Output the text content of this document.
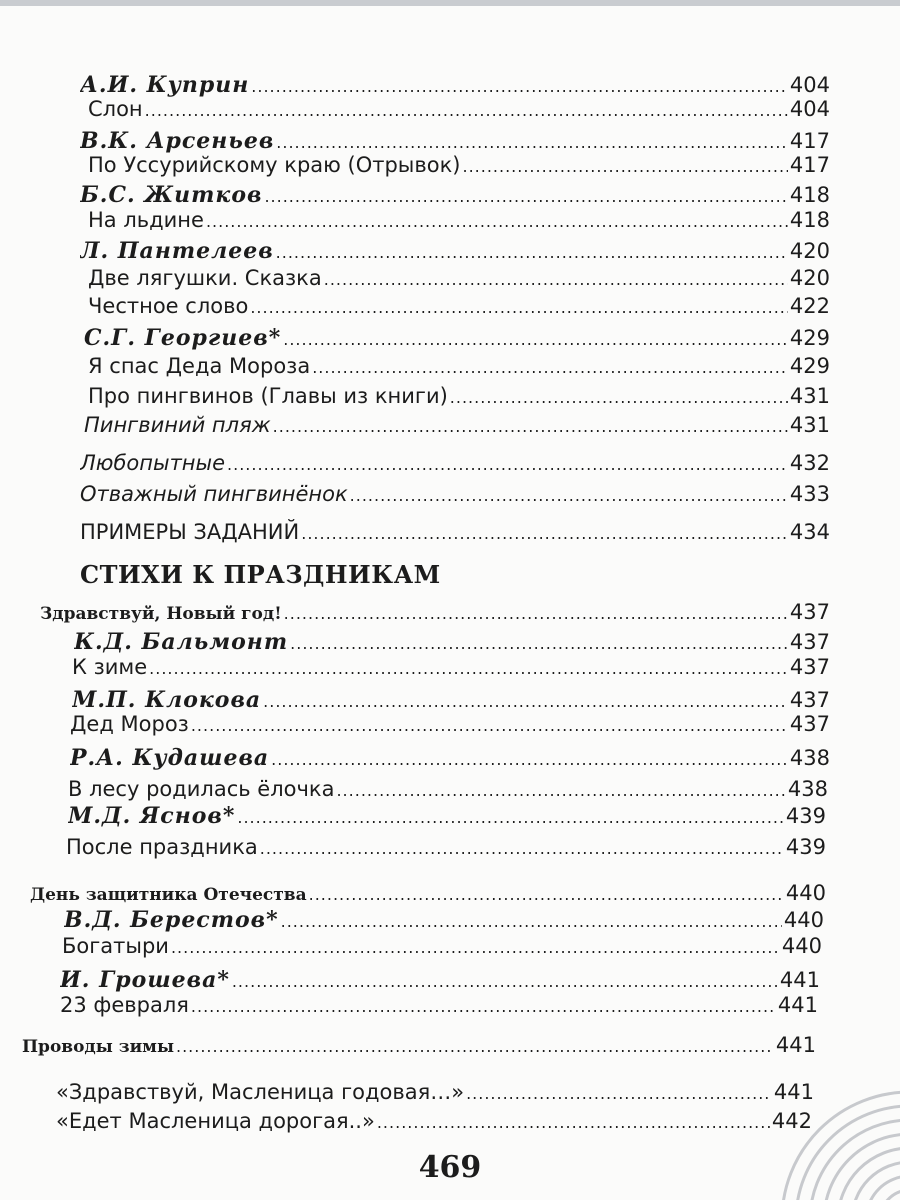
А.И. Куприн .....	404
Слон .....	404
В.К. Арсеньев .....	417
По Уссурийскому краю (Отрывок) .....	417
Б.С. Житков .....	418
На льдине .....	418
Л. Пантелеев .....	420
Две лягушки. Сказка .....	420
Честное слово .....	422
С.Г. Георгиев* .....	429
Я спас Деда Мороза .....	429
Про пингвинов (Главы из книги) .....	431
Пингвиний пляж .....	431
Любопытные .....	432
Отважный пингвинёнок .....	433
ПРИМЕРЫ ЗАДАНИЙ .....	434
СТИХИ К ПРАЗДНИКАМ
Здравствуй, Новый год! .....	437
К.Д. Бальмонт .....	437
К зиме .....	437
М.П. Клокова .....	437
Дед Мороз .....	437
Р.А. Кудашева .....	438
В лесу родилась ёлочка .....	438
М.Д. Яснов* .....	439
После праздника .....	439
День защитника Отечества .....	440
В.Д. Берестов* .....	440
Богатыри .....	440
И. Грошева* .....	441
23 февраля .....	441
Проводы зимы .....	441
«Здравствуй, Масленица годовая…» .....	441
«Едет Масленица дорогая..» .....	442
469
